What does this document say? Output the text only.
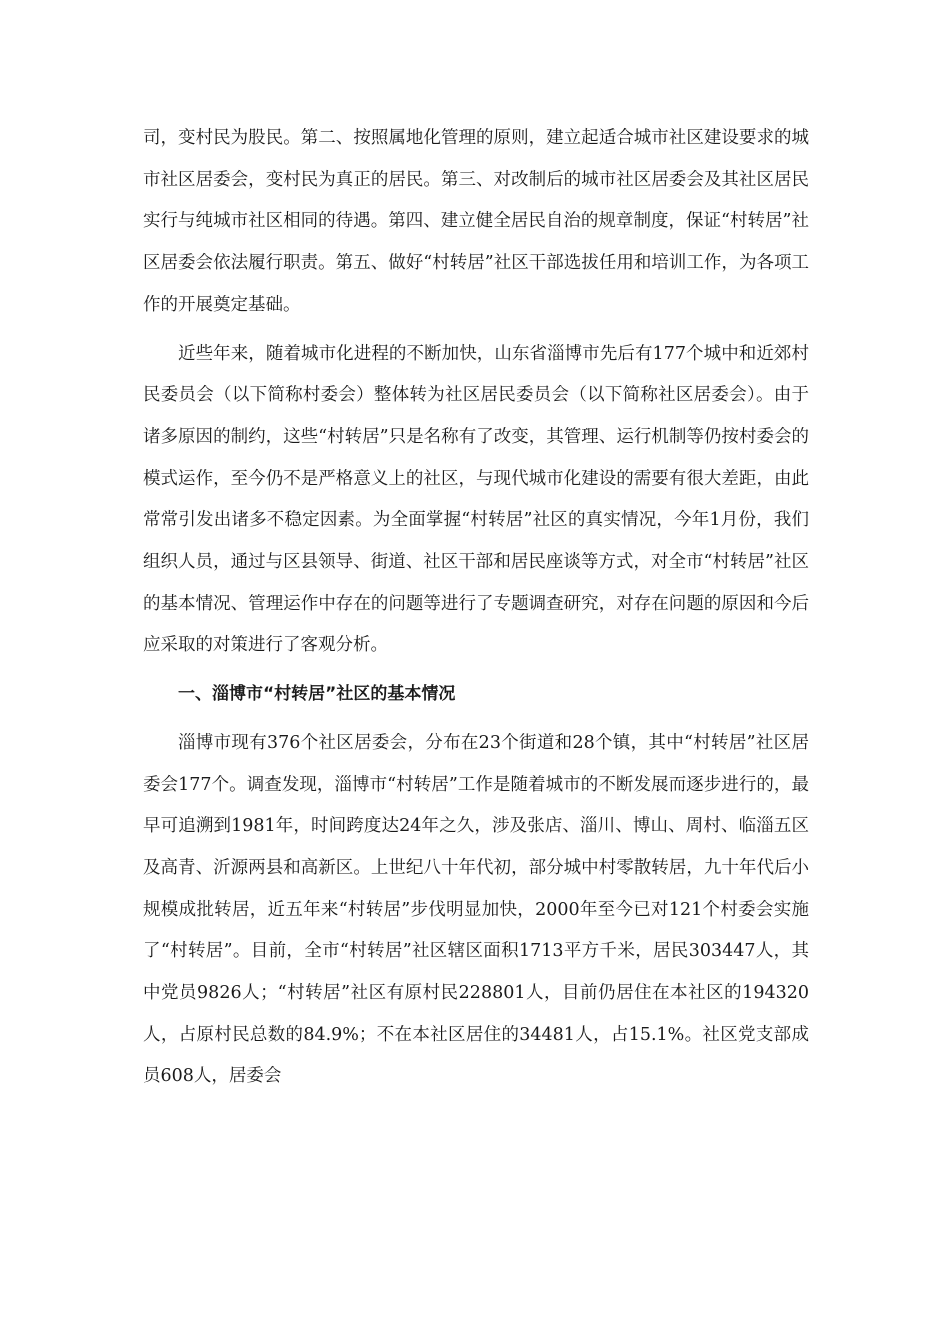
司，变村民为股民。第二、按照属地化管理的原则，建立起适合城市社区建设要求的城市社区居委会，变村民为真正的居民。第三、对改制后的城市社区居委会及其社区居民实行与纯城市社区相同的待遇。第四、建立健全居民自治的规章制度，保证“村转居”社区居委会依法履行职责。第五、做好“村转居”社区干部选拔任用和培训工作，为各项工作的开展奠定基础。

近些年来，随着城市化进程的不断加快，山东省淄博市先后有177个城中和近郊村民委员会（以下简称村委会）整体转为社区居民委员会（以下简称社区居委会）。由于诸多原因的制约，这些“村转居”只是名称有了改变，其管理、运行机制等仍按村委会的模式运作，至今仍不是严格意义上的社区，与现代城市化建设的需要有很大差距，由此常常引发出诸多不稳定因素。为全面掌握“村转居”社区的真实情况，今年1月份，我们组织人员，通过与区县领导、街道、社区干部和居民座谈等方式，对全市“村转居”社区的基本情况、管理运作中存在的问题等进行了专题调查研究，对存在问题的原因和今后应采取的对策进行了客观分析。

一、淄博市“村转居”社区的基本情况

淄博市现有376个社区居委会，分布在23个街道和28个镇，其中“村转居”社区居委会177个。调查发现，淄博市“村转居”工作是随着城市的不断发展而逐步进行的，最早可追溯到1981年，时间跨度达24年之久，涉及张店、淄川、博山、周村、临淄五区及高青、沂源两县和高新区。上世纪八十年代初，部分城中村零散转居，九十年代后小规模成批转居，近五年来“村转居”步伐明显加快，2000年至今已对121个村委会实施了“村转居”。目前，全市“村转居”社区辖区面积1713平方千米，居民303447人，其中党员9826人；“村转居”社区有原村民228801人，目前仍居住在本社区的194320人，占原村民总数的84.9%；不在本社区居住的34481人，占15.1%。社区党支部成员608人，居委会
